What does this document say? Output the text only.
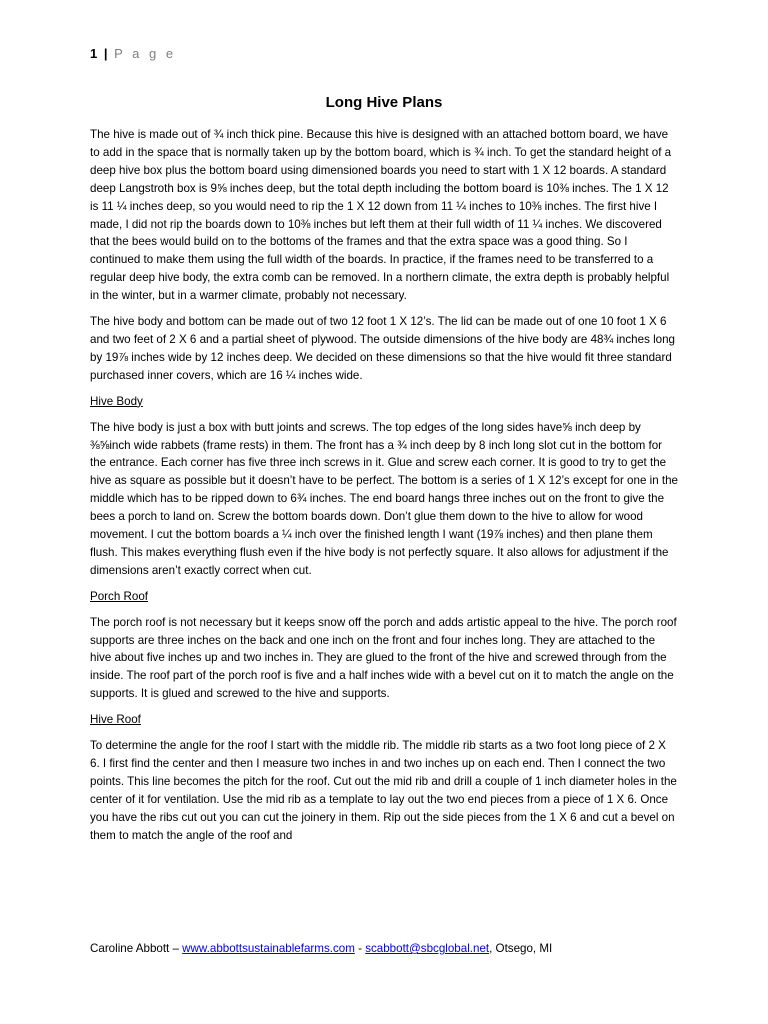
1 | P a g e
Long Hive Plans

The hive is made out of ¾ inch thick pine. Because this hive is designed with an attached bottom board, we have to add in the space that is normally taken up by the bottom board, which is ¾ inch. To get the standard height of a deep hive box plus the bottom board using dimensioned boards you need to start with 1 X 12 boards. A standard deep Langstroth box is 9⅝ inches deep, but the total depth including the bottom board is 10⅜ inches. The 1 X 12 is 11 ¼ inches deep, so you would need to rip the 1 X 12 down from 11 ¼ inches to 10⅜ inches. The first hive I made, I did not rip the boards down to 10⅜ inches but left them at their full width of 11 ¼ inches. We discovered that the bees would build on to the bottoms of the frames and that the extra space was a good thing. So I continued to make them using the full width of the boards. In practice, if the frames need to be transferred to a regular deep hive body, the extra comb can be removed. In a northern climate, the extra depth is probably helpful in the winter, but in a warmer climate, probably not necessary.

The hive body and bottom can be made out of two 12 foot 1 X 12’s. The lid can be made out of one 10 foot 1 X 6 and two feet of 2 X 6 and a partial sheet of plywood. The outside dimensions of the hive body are 48¾ inches long by 19⅞ inches wide by 12 inches deep. We decided on these dimensions so that the hive would fit three standard purchased inner covers, which are 16 ¼ inches wide.

Hive Body

The hive body is just a box with butt joints and screws. The top edges of the long sides have⅝ inch deep by ⅜⅝inch wide rabbets (frame rests) in them. The front has a ¾ inch deep by 8 inch long slot cut in the bottom for the entrance. Each corner has five three inch screws in it. Glue and screw each corner. It is good to try to get the hive as square as possible but it doesn’t have to be perfect. The bottom is a series of 1 X 12’s except for one in the middle which has to be ripped down to 6¾ inches. The end board hangs three inches out on the front to give the bees a porch to land on. Screw the bottom boards down. Don’t glue them down to the hive to allow for wood movement. I cut the bottom boards a ¼ inch over the finished length I want (19⅞ inches) and then plane them flush. This makes everything flush even if the hive body is not perfectly square. It also allows for adjustment if the dimensions aren’t exactly correct when cut.

Porch Roof

The porch roof is not necessary but it keeps snow off the porch and adds artistic appeal to the hive. The porch roof supports are three inches on the back and one inch on the front and four inches long. They are attached to the hive about five inches up and two inches in. They are glued to the front of the hive and screwed through from the inside. The roof part of the porch roof is five and a half inches wide with a bevel cut on it to match the angle on the supports. It is glued and screwed to the hive and supports.

Hive Roof

To determine the angle for the roof I start with the middle rib. The middle rib starts as a two foot long piece of 2 X 6. I first find the center and then I measure two inches in and two inches up on each end. Then I connect the two points. This line becomes the pitch for the roof. Cut out the mid rib and drill a couple of 1 inch diameter holes in the center of it for ventilation. Use the mid rib as a template to lay out the two end pieces from a piece of 1 X 6. Once you have the ribs cut out you can cut the joinery in them. Rip out the side pieces from the 1 X 6 and cut a bevel on them to match the angle of the roof and

Caroline Abbott – www.abbottsustainablefarms.com - scabbott@sbcglobal.net, Otsego, MI
